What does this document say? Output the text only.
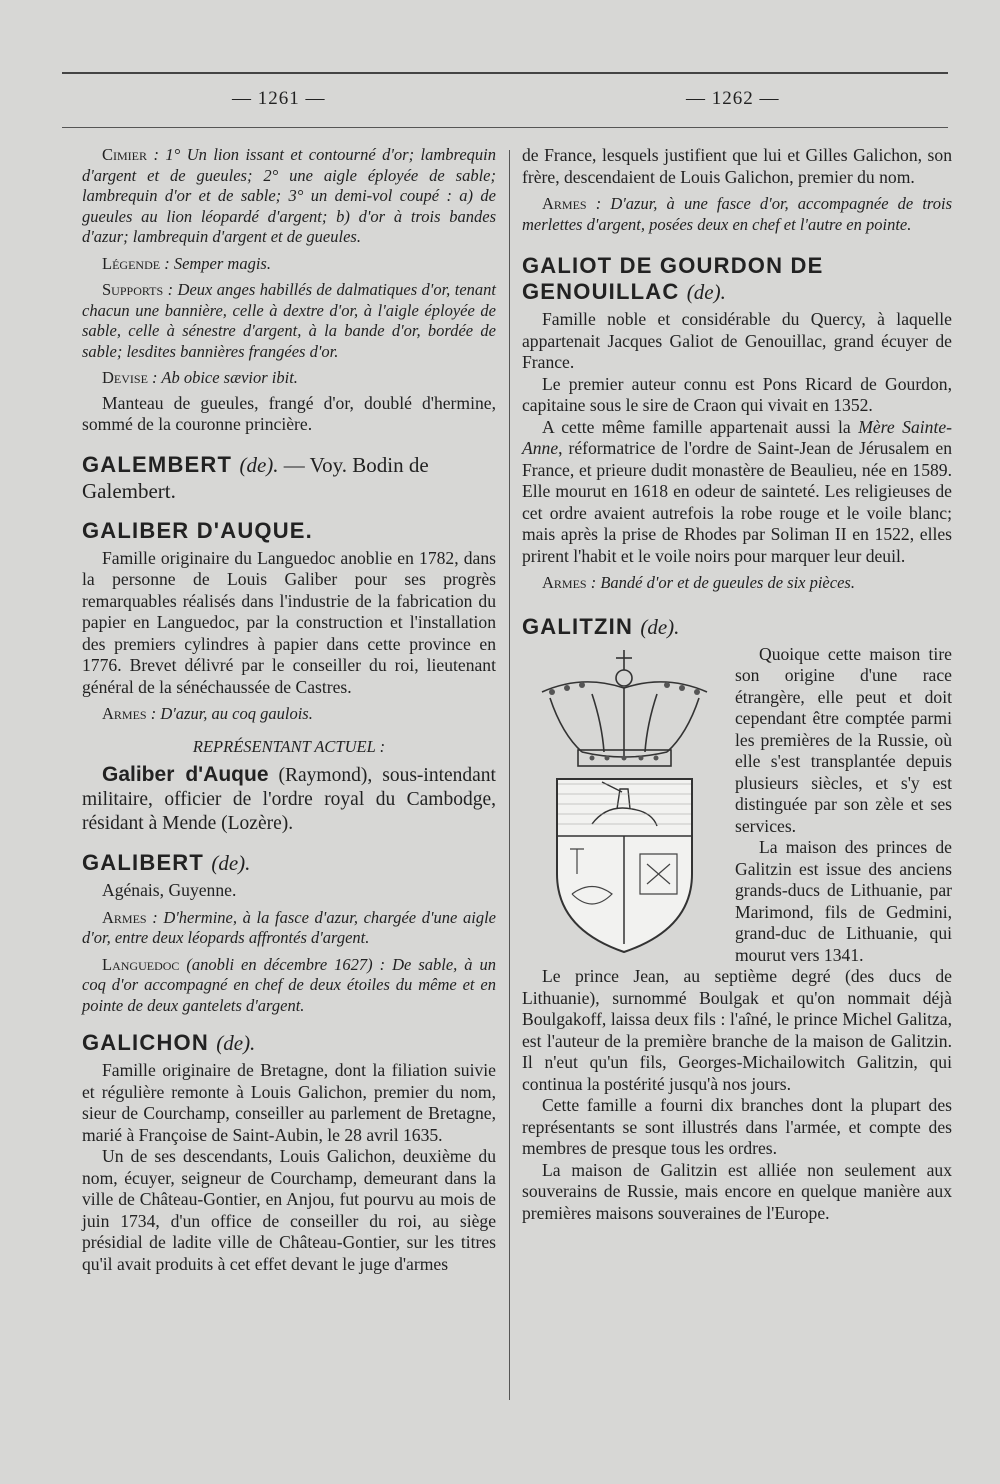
— 1261 —	— 1262 —

Cimier : 1° Un lion issant et contourné d'or; lambrequin d'argent et de gueules; 2° une aigle éployée de sable; lambrequin d'or et de sable; 3° un demi-vol coupé : a) de gueules au lion léopardé d'argent; b) d'or à trois bandes d'azur; lambrequin d'argent et de gueules.

Légende : Semper magis.

Supports : Deux anges habillés de dalmatiques d'or, tenant chacun une bannière, celle à dextre d'or, à l'aigle éployée de sable, celle à sénestre d'argent, à la bande d'or, bordée de sable; lesdites bannières frangées d'or.

Devise : Ab obice sævior ibit.

Manteau de gueules, frangé d'or, doublé d'hermine, sommé de la couronne princière.

GALEMBERT (de). — Voy. Bodin de Galembert.
GALIBER D'AUQUE.

Famille originaire du Languedoc anoblie en 1782, dans la personne de Louis Galiber pour ses progrès remarquables réalisés dans l'industrie de la fabrication du papier en Languedoc, par la construction et l'installation des premiers cylindres à papier dans cette province en 1776. Brevet délivré par le conseiller du roi, lieutenant général de la sénéchaussée de Castres.

Armes : D'azur, au coq gaulois.

REPRÉSENTANT ACTUEL :

Galiber d'Auque (Raymond), sous-intendant militaire, officier de l'ordre royal du Cambodge, résidant à Mende (Lozère).

GALIBERT (de).

Agénais, Guyenne.

Armes : D'hermine, à la fasce d'azur, chargée d'une aigle d'or, entre deux léopards affrontés d'argent.

Languedoc (anobli en décembre 1627) : De sable, à un coq d'or accompagné en chef de deux étoiles du même et en pointe de deux gantelets d'argent.

GALICHON (de).

Famille originaire de Bretagne, dont la filiation suivie et régulière remonte à Louis Galichon, premier du nom, sieur de Courchamp, conseiller au parlement de Bretagne, marié à Françoise de Saint-Aubin, le 28 avril 1635.

Un de ses descendants, Louis Galichon, deuxième du nom, écuyer, seigneur de Courchamp, demeurant dans la ville de Château-Gontier, en Anjou, fut pourvu au mois de juin 1734, d'un office de conseiller du roi, au siège présidial de ladite ville de Château-Gontier, sur les titres qu'il avait produits à cet effet devant le juge d'armes

de France, lesquels justifient que lui et Gilles Galichon, son frère, descendaient de Louis Galichon, premier du nom.

Armes : D'azur, à une fasce d'or, accompagnée de trois merlettes d'argent, posées deux en chef et l'autre en pointe.

GALIOT DE GOURDON DE GENOUILLAC (de).

Famille noble et considérable du Quercy, à laquelle appartenait Jacques Galiot de Genouillac, grand écuyer de France.

Le premier auteur connu est Pons Ricard de Gourdon, capitaine sous le sire de Craon qui vivait en 1352.

A cette même famille appartenait aussi la Mère Sainte-Anne, réformatrice de l'ordre de Saint-Jean de Jérusalem en France, et prieure dudit monastère de Beaulieu, née en 1589. Elle mourut en 1618 en odeur de sainteté. Les religieuses de cet ordre avaient autrefois la robe rouge et le voile blanc; mais après la prise de Rhodes par Soliman II en 1522, elles prirent l'habit et le voile noirs pour marquer leur deuil.

Armes : Bandé d'or et de gueules de six pièces.

GALITZIN (de).

Quoique cette maison tire son origine d'une race étrangère, elle peut et doit cependant être comptée parmi les premières de la Russie, où elle s'est transplantée depuis plusieurs siècles, et s'y est distinguée par son zèle et ses services.

La maison des princes de Galitzin est issue des anciens grands-ducs de Lithuanie, par Marimond, fils de Gedmini, grand-duc de Lithuanie, qui mourut vers 1341.

Le prince Jean, au septième degré (des ducs de Lithuanie), surnommé Boulgak et qu'on nommait déjà Boulgakoff, laissa deux fils : l'aîné, le prince Michel Galitza, est l'auteur de la première branche de la maison de Galitzin. Il n'eut qu'un fils, Georges-Michailowitch Galitzin, qui continua la postérité jusqu'à nos jours.

Cette famille a fourni dix branches dont la plupart des représentants se sont illustrés dans l'armée, et compte des membres de presque tous les ordres.

La maison de Galitzin est alliée non seulement aux souverains de Russie, mais encore en quelque manière aux premières maisons souveraines de l'Europe.
